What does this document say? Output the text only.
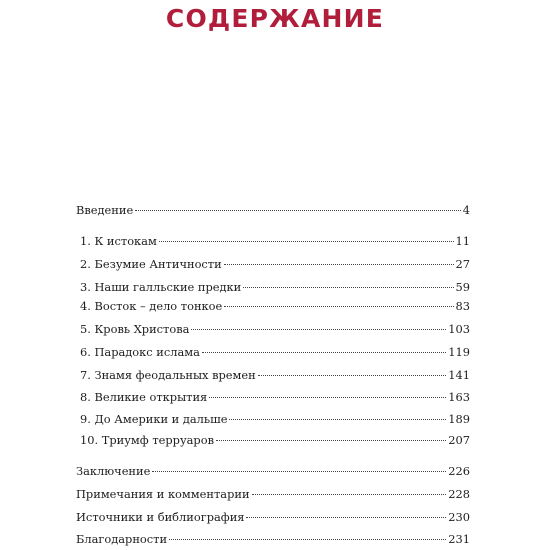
СОДЕРЖАНИЕ
Введение	4
1. К истокам	11
2. Безумие Античности	27
3. Наши галльские предки	59
4. Восток – дело тонкое	83
5. Кровь Христова	103
6. Парадокс ислама	119
7. Знамя феодальных времен	141
8. Великие открытия	163
9. До Америки и дальше	189
10. Триумф терруаров	207
Заключение	226
Примечания и комментарии	228
Источники и библиография	230
Благодарности	231
